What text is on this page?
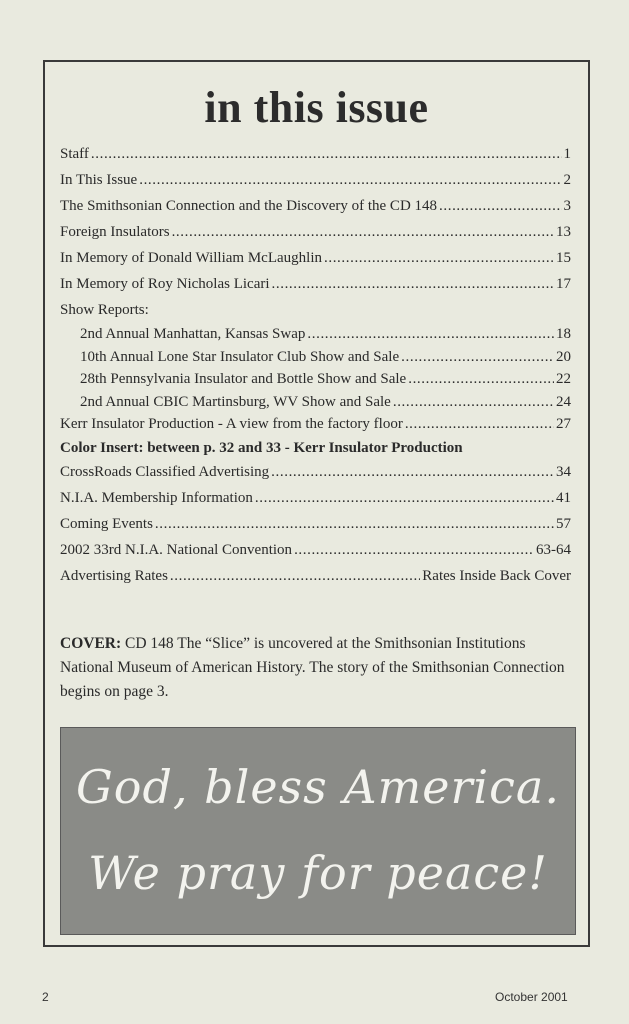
in this issue
Staff .....	1
In This Issue .....	2
The Smithsonian Connection and the Discovery of the CD 148 .....	3
Foreign Insulators .....	13
In Memory of Donald William McLaughlin .....	15
In Memory of Roy Nicholas Licari .....	17
Show Reports:
2nd Annual Manhattan, Kansas Swap .....	18
10th Annual Lone Star Insulator Club Show and Sale .....	20
28th Pennsylvania Insulator and Bottle Show and Sale .....	22
2nd Annual CBIC Martinsburg, WV Show and Sale .....	24
Kerr Insulator Production - A view from the factory floor .....	27
Color Insert: between p. 32 and 33 - Kerr Insulator Production
CrossRoads Classified Advertising .....	34
N.I.A. Membership Information .....	41
Coming Events .....	57
2002 33rd N.I.A. National Convention .....	63-64
Advertising Rates .....	Rates Inside Back Cover

COVER: CD 148 The “Slice” is uncovered at the Smithsonian Institutions National Museum of American History. The story of the Smithsonian Connection begins on page 3.

God, bless America.
We pray for peace!
2	October 2001
